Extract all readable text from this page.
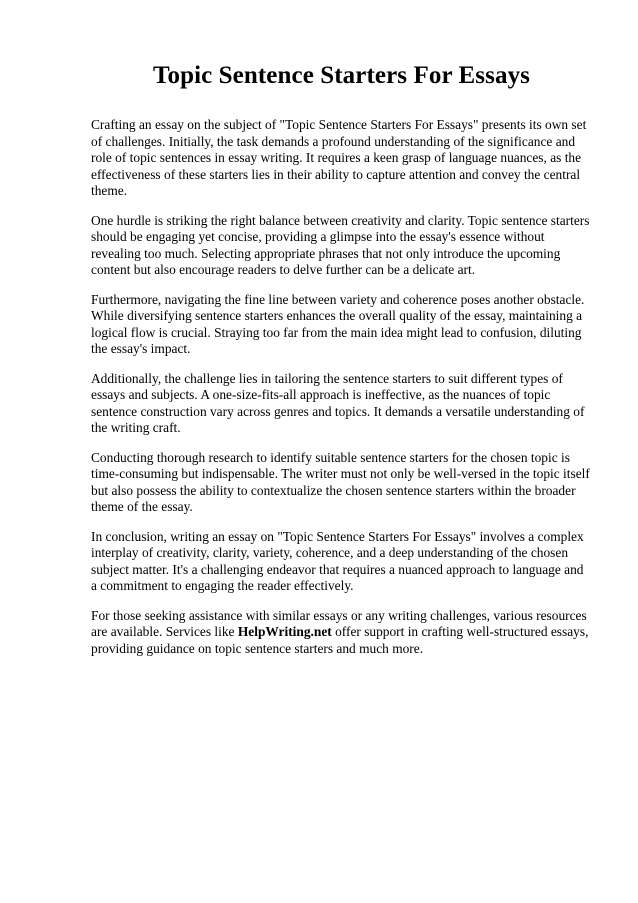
Topic Sentence Starters For Essays

Crafting an essay on the subject of "Topic Sentence Starters For Essays" presents its own set of challenges. Initially, the task demands a profound understanding of the significance and role of topic sentences in essay writing. It requires a keen grasp of language nuances, as the effectiveness of these starters lies in their ability to capture attention and convey the central theme.

One hurdle is striking the right balance between creativity and clarity. Topic sentence starters should be engaging yet concise, providing a glimpse into the essay's essence without revealing too much. Selecting appropriate phrases that not only introduce the upcoming content but also encourage readers to delve further can be a delicate art.

Furthermore, navigating the fine line between variety and coherence poses another obstacle. While diversifying sentence starters enhances the overall quality of the essay, maintaining a logical flow is crucial. Straying too far from the main idea might lead to confusion, diluting the essay's impact.

Additionally, the challenge lies in tailoring the sentence starters to suit different types of essays and subjects. A one-size-fits-all approach is ineffective, as the nuances of topic sentence construction vary across genres and topics. It demands a versatile understanding of the writing craft.

Conducting thorough research to identify suitable sentence starters for the chosen topic is time-consuming but indispensable. The writer must not only be well-versed in the topic itself but also possess the ability to contextualize the chosen sentence starters within the broader theme of the essay.

In conclusion, writing an essay on "Topic Sentence Starters For Essays" involves a complex interplay of creativity, clarity, variety, coherence, and a deep understanding of the chosen subject matter. It's a challenging endeavor that requires a nuanced approach to language and a commitment to engaging the reader effectively.

For those seeking assistance with similar essays or any writing challenges, various resources are available. Services like HelpWriting.net offer support in crafting well-structured essays, providing guidance on topic sentence starters and much more.
